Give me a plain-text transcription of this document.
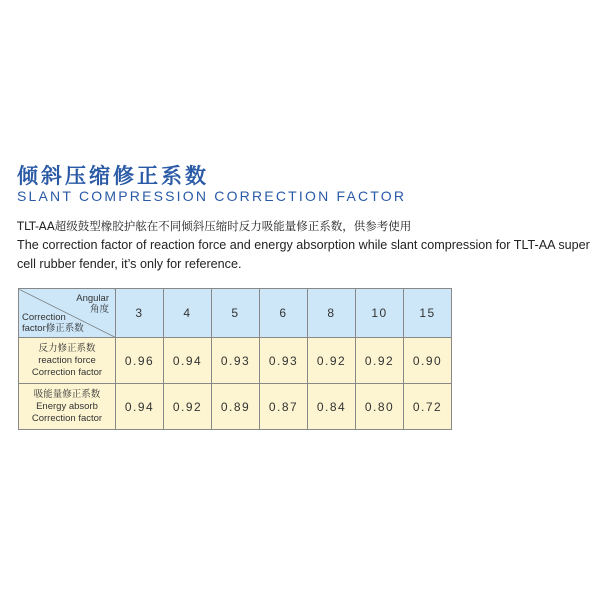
倾斜压缩修正系数
SLANT COMPRESSION CORRECTION FACTOR
TLT-AA超级鼓型橡胶护舷在不同倾斜压缩时反力吸能量修正系数，供参考使用
The correction factor of reaction force and energy absorption while slant compression for TLT-AA super cell rubber fender, it’s only for reference.
Angular
角度
Correction
factor修正系数	3	4	5	6	8	10	15
反力修正系数
reaction force
Correction factor	0.96	0.94	0.93	0.93	0.92	0.92	0.90
吸能量修正系数
Energy absorb
Correction factor	0.94	0.92	0.89	0.87	0.84	0.80	0.72
